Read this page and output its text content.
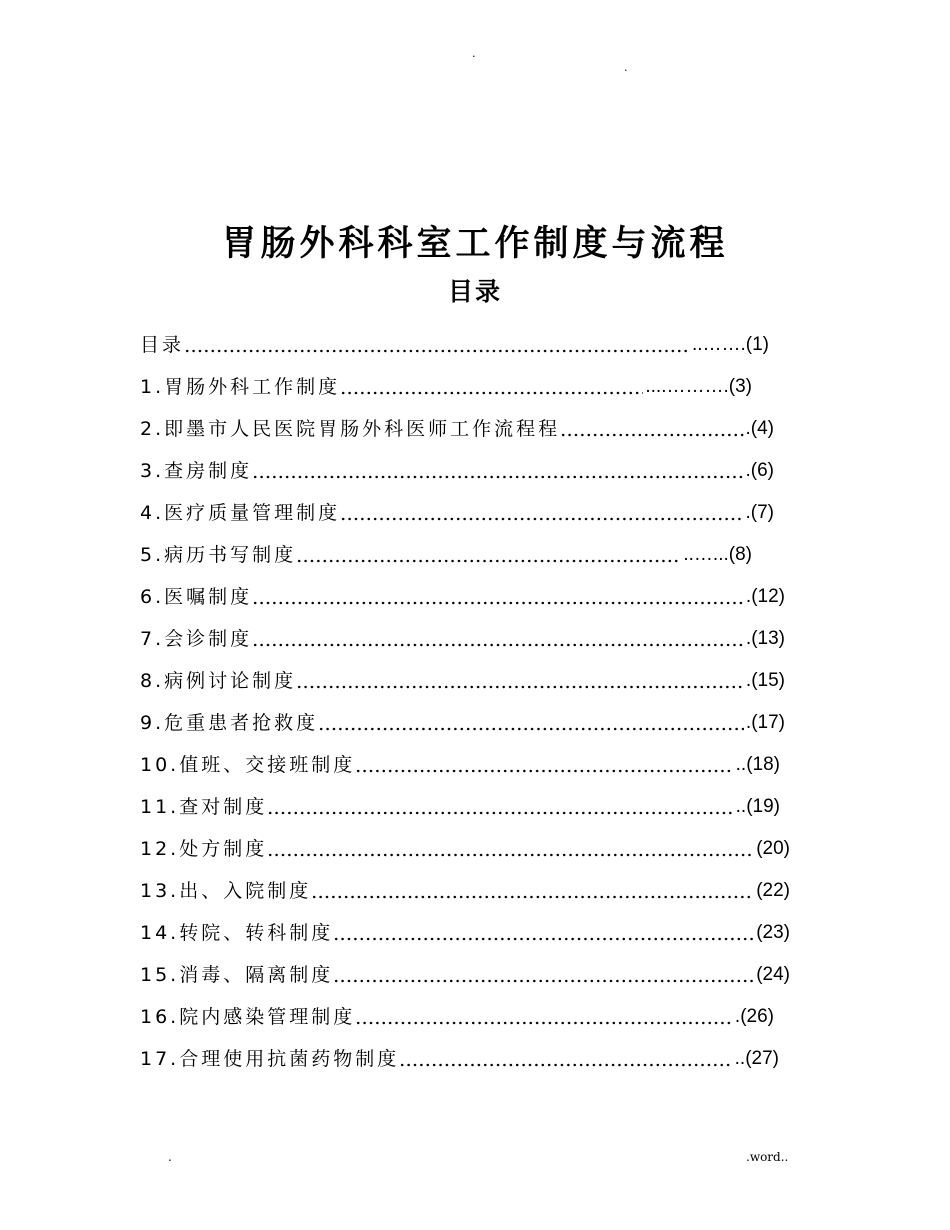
.
.
胃肠外科科室工作制度与流程
目录
目录	..…….(1)
1.胃肠外科工作制度	....……….(3)
2.即墨市人民医院胃肠外科医师工作流程程	.(4)
3.查房制度	.(6)
4.医疗质量管理制度	.(7)
5.病历书写制度	..…...(8)
6.医嘱制度	.(12)
7.会诊制度	.(13)
8.病例讨论制度	.(15)
9.危重患者抢救度	.(17)
10.值班、交接班制度	..(18)
11.查对制度	..(19)
12.处方制度	(20)
13.出、入院制度	(22)
14.转院、转科制度	(23)
15.消毒、隔离制度	(24)
16.院内感染管理制度	.(26)
17.合理使用抗菌药物制度	..(27)
.	.word..
